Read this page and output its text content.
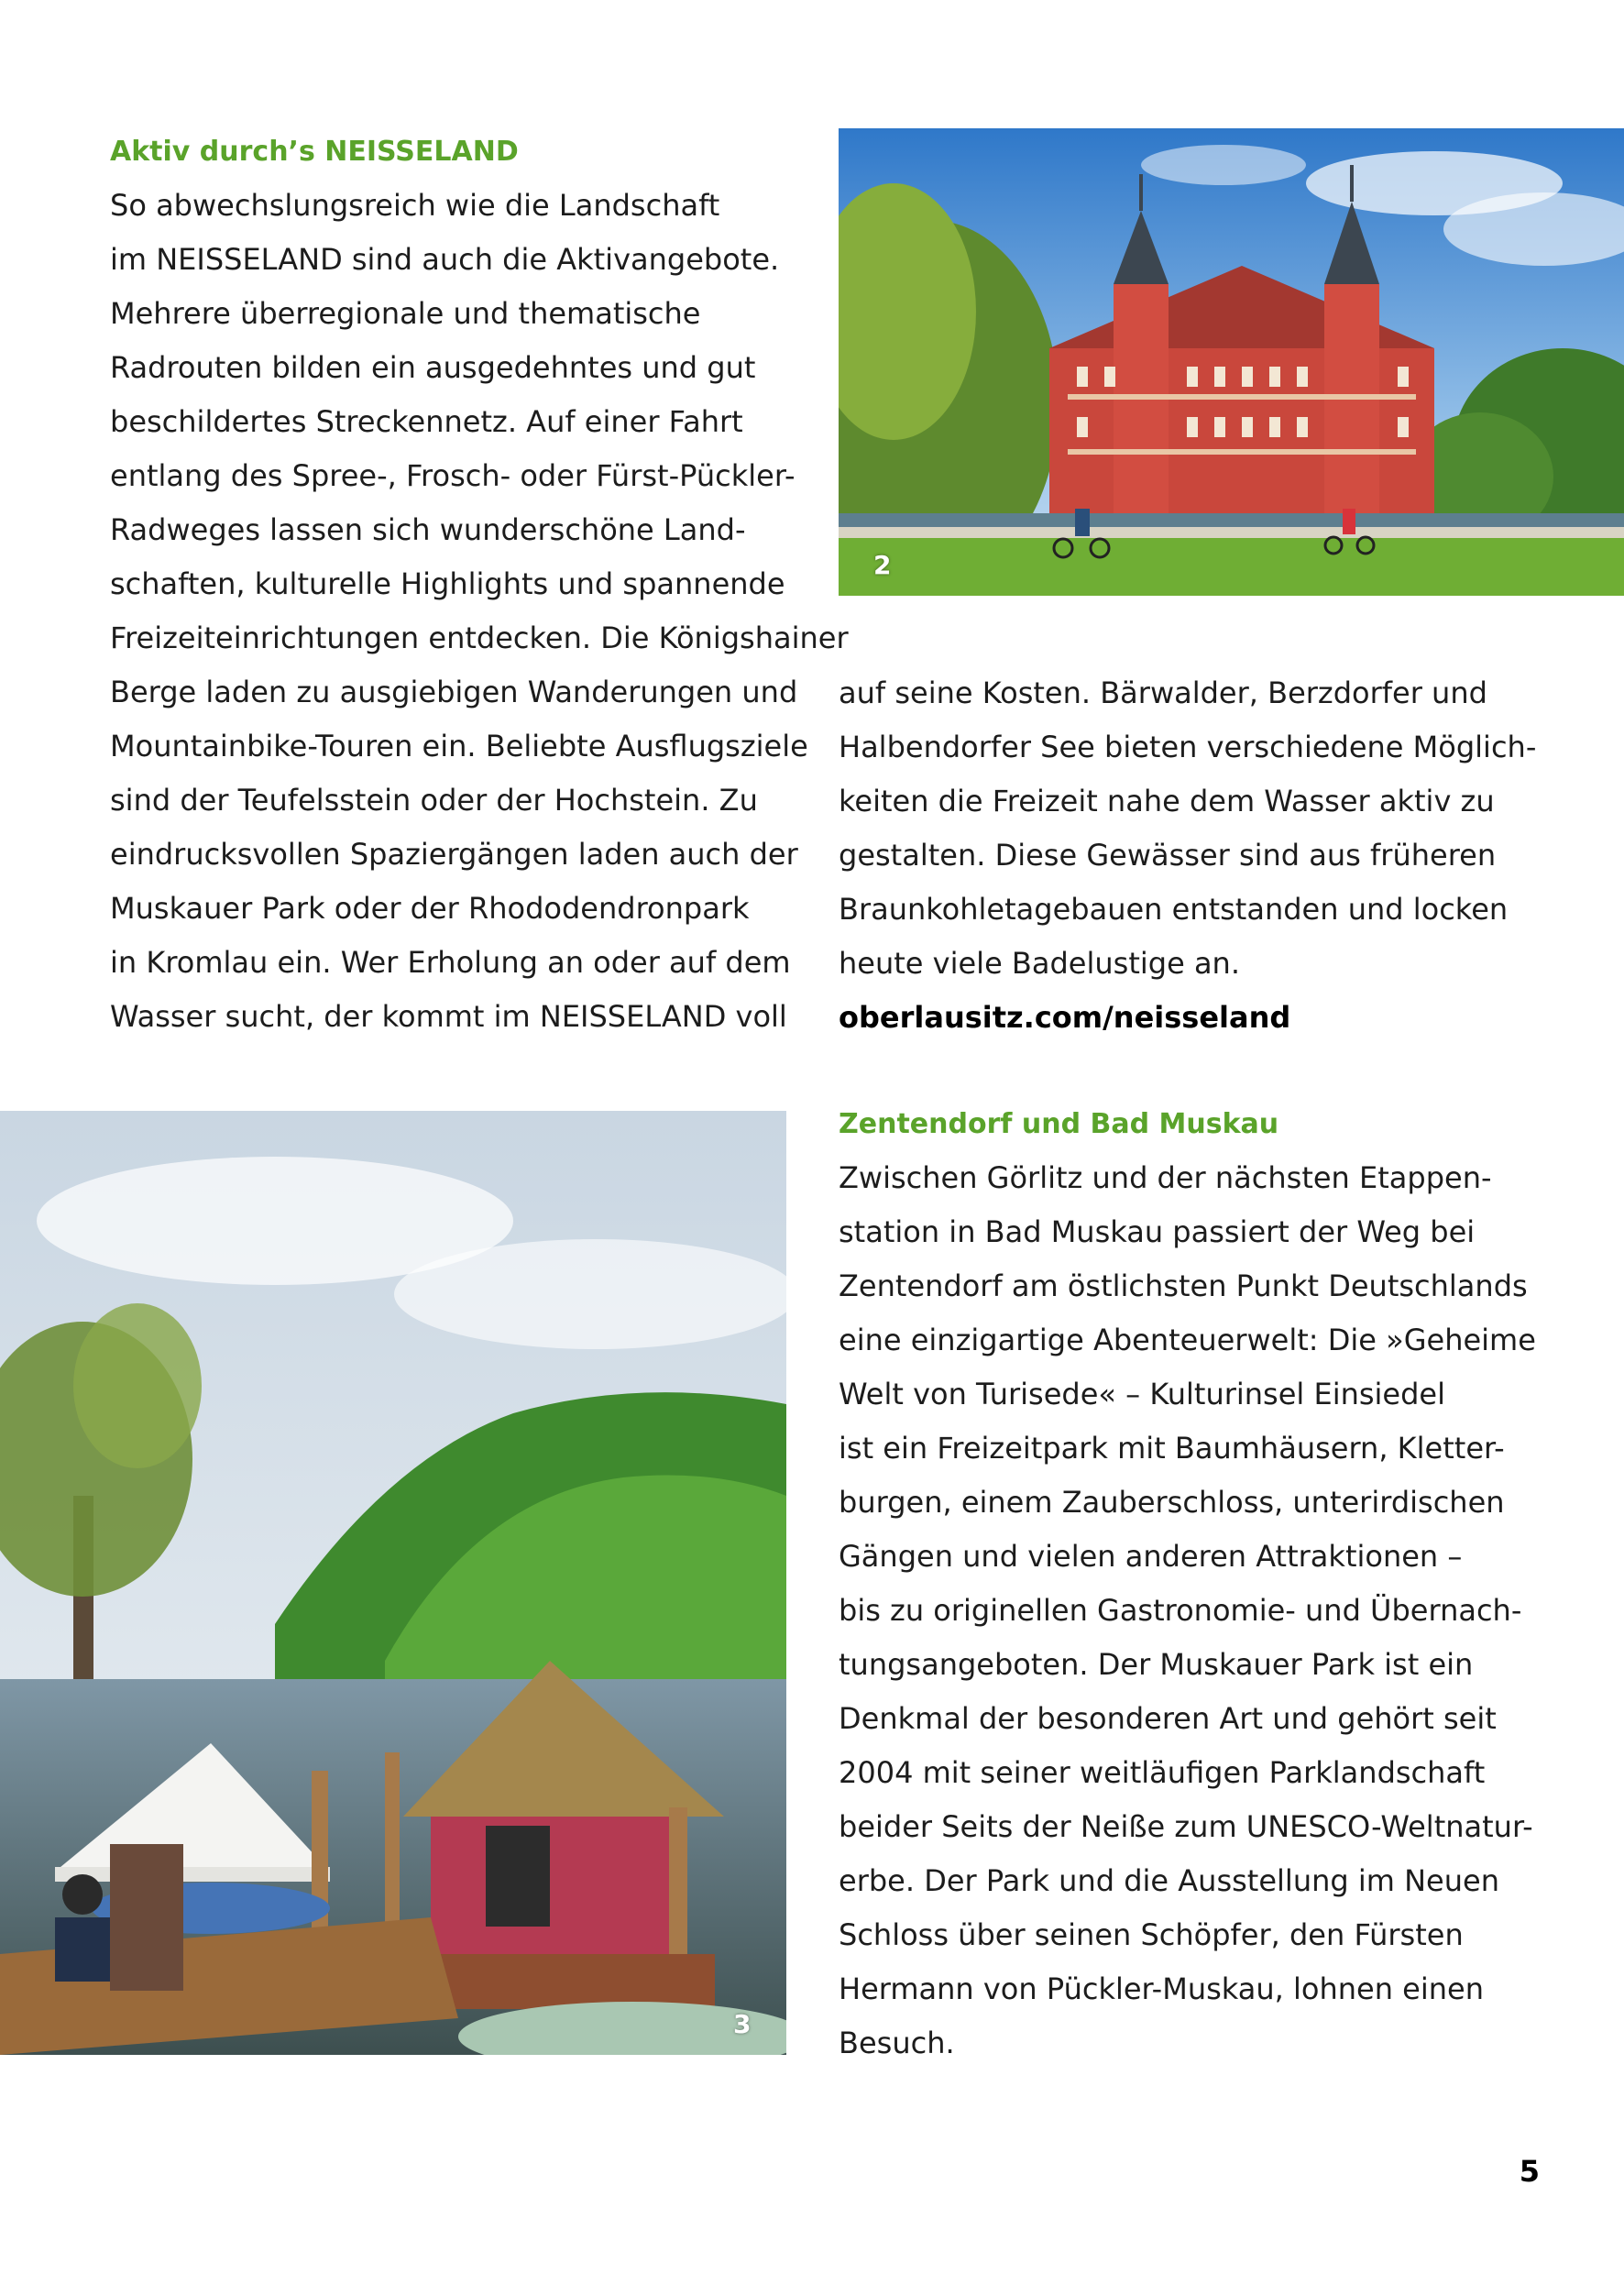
Aktiv durch’s NEISSELAND
So abwechslungsreich wie die Landschaft
im NEISSELAND sind auch die Aktivangebote.
Mehrere überregionale und thematische
Radrouten bilden ein ausgedehntes und gut
beschildertes Streckennetz. Auf einer Fahrt
entlang des Spree-, Frosch- oder Fürst-Pückler-
Radweges lassen sich wunderschöne Land-
schaften, kulturelle Highlights und spannende
Freizeiteinrichtungen entdecken. Die Königshainer
Berge laden zu ausgiebigen Wanderungen und
Mountainbike-Touren ein. Beliebte Ausflugsziele
sind der Teufelsstein oder der Hochstein. Zu
eindrucksvollen Spaziergängen laden auch der
Muskauer Park oder der Rhododendronpark
in Kromlau ein. Wer Erholung an oder auf dem
Wasser sucht, der kommt im NEISSELAND voll
auf seine Kosten. Bärwalder, Berzdorfer und
Halbendorfer See bieten verschiedene Möglich-
keiten die Freizeit nahe dem Wasser aktiv zu
gestalten. Diese Gewässer sind aus früheren
Braunkohletagebauen entstanden und locken
heute viele Badelustige an.
oberlausitz.com/neisseland
Zentendorf und Bad Muskau
Zwischen Görlitz und der nächsten Etappen-
station in Bad Muskau passiert der Weg bei
Zentendorf am östlichsten Punkt Deutschlands
eine einzigartige Abenteuerwelt: Die »Geheime
Welt von Turisede« – Kulturinsel Einsiedel
ist ein Freizeitpark mit Baumhäusern, Kletter-
burgen, einem Zauberschloss, unterirdischen
Gängen und vielen anderen Attraktionen –
bis zu originellen Gastronomie- und Übernach-
tungsangeboten. Der Muskauer Park ist ein
Denkmal der besonderen Art und gehört seit
2004 mit seiner weitläufigen Parklandschaft
beider Seits der Neiße zum UNESCO-Weltnatur-
erbe. Der Park und die Ausstellung im Neuen
Schloss über seinen Schöpfer, den Fürsten
Hermann von Pückler-Muskau, lohnen einen
Besuch.
2
3
5
